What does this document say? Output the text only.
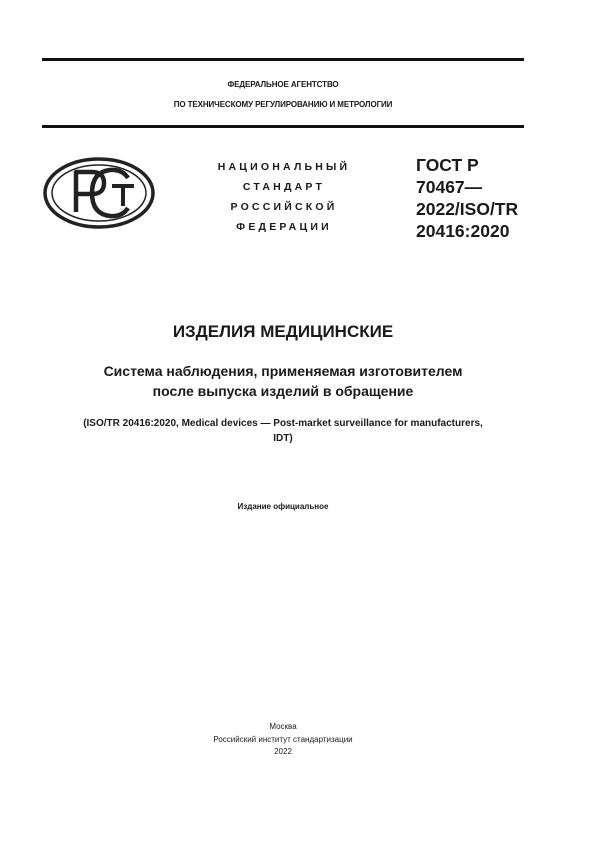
ФЕДЕРАЛЬНОЕ АГЕНТСТВО
ПО ТЕХНИЧЕСКОМУ РЕГУЛИРОВАНИЮ И МЕТРОЛОГИИ
НАЦИОНАЛЬНЫЙ
СТАНДАРТ
РОССИЙСКОЙ
ФЕДЕРАЦИИ
ГОСТ Р
70467—
2022/ISO/TR
20416:2020
ИЗДЕЛИЯ МЕДИЦИНСКИЕ
Система наблюдения, применяемая изготовителем
после выпуска изделий в обращение
(ISO/TR 20416:2020, Medical devices — Post-market surveillance for manufacturers,
IDT)
Издание официальное
Москва
Российский институт стандартизации
2022
